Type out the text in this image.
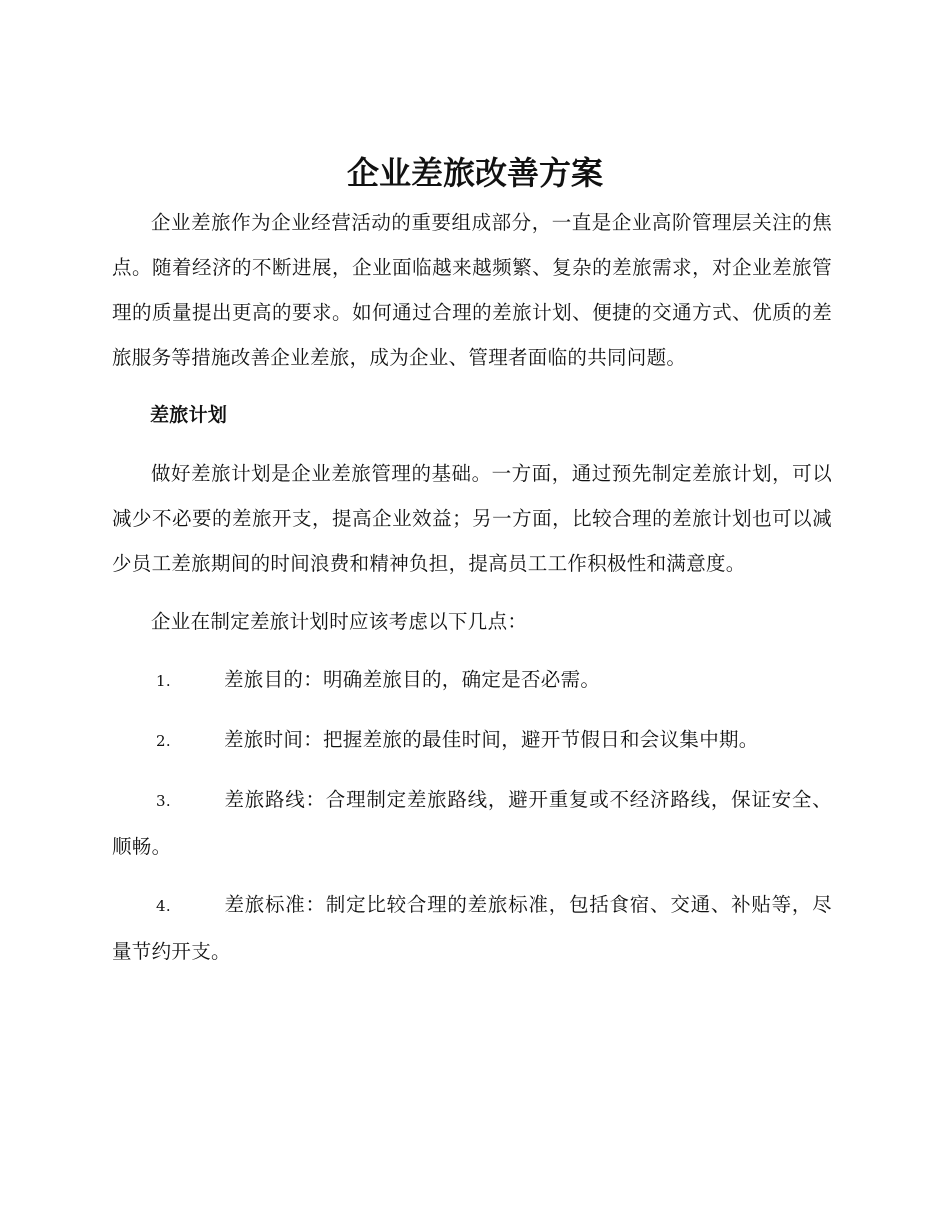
企业差旅改善方案

企业差旅作为企业经营活动的重要组成部分，一直是企业高阶管理层关注的焦点。随着经济的不断进展，企业面临越来越频繁、复杂的差旅需求，对企业差旅管理的质量提出更高的要求。如何通过合理的差旅计划、便捷的交通方式、优质的差旅服务等措施改善企业差旅，成为企业、管理者面临的共同问题。

差旅计划

做好差旅计划是企业差旅管理的基础。一方面，通过预先制定差旅计划，可以减少不必要的差旅开支，提高企业效益；另一方面，比较合理的差旅计划也可以减少员工差旅期间的时间浪费和精神负担，提高员工工作积极性和满意度。

企业在制定差旅计划时应该考虑以下几点：

1.	差旅目的：明确差旅目的，确定是否必需。

2.	差旅时间：把握差旅的最佳时间，避开节假日和会议集中期。

3.	差旅路线：合理制定差旅路线，避开重复或不经济路线，保证安全、顺畅。

4.	差旅标准：制定比较合理的差旅标准，包括食宿、交通、补贴等，尽量节约开支。
